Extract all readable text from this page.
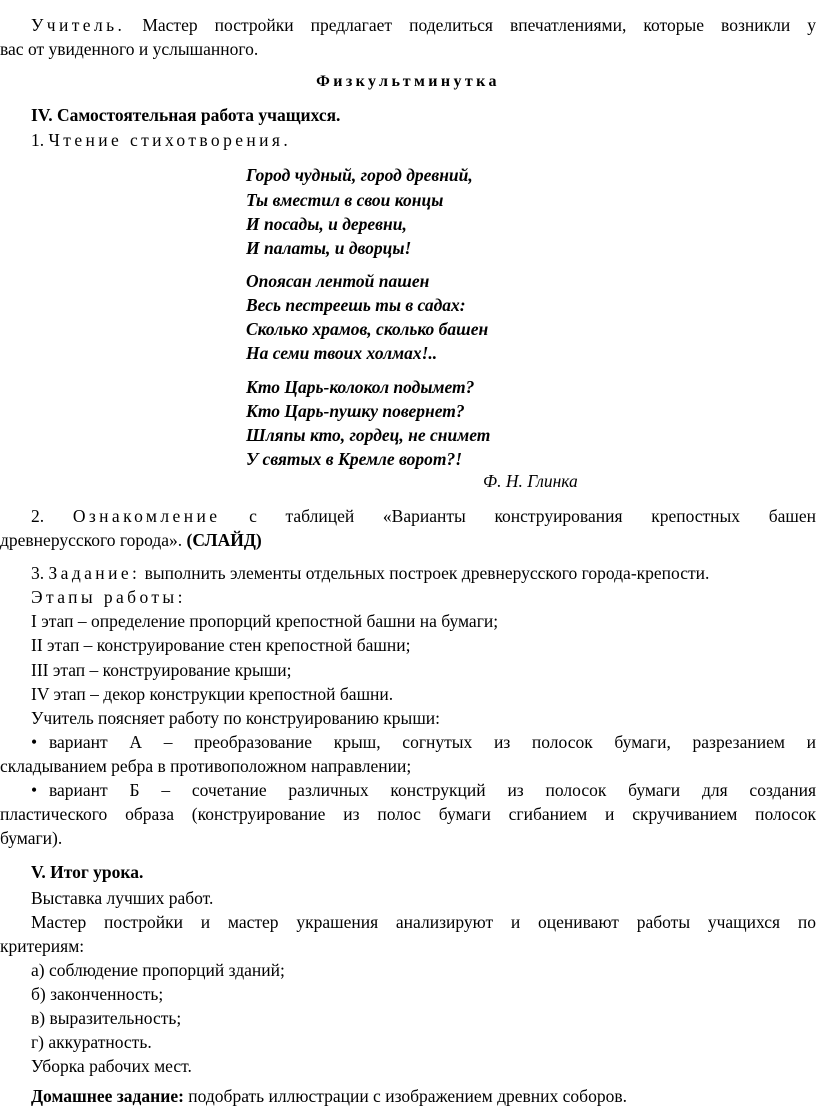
Учитель. Мастер постройки предлагает поделиться впечатлениями, которые возникли у
вас от увиденного и услышанного.
Физкультминутка
IV. Самостоятельная работа учащихся.
1. Чтение стихотворения.
Город чудный, город древний,
Ты вместил в свои концы
И посады, и деревни,
И палаты, и дворцы!
Опоясан лентой пашен
Весь пестреешь ты в садах:
Сколько храмов, сколько башен
На семи твоих холмах!..
Кто Царь-колокол подымет?
Кто Царь-пушку повернет?
Шляпы кто, гордец, не снимет
У святых в Кремле ворот?!
Ф. Н. Глинка
2. Ознакомление с таблицей «Варианты конструирования крепостных башен
древнерусского города». (СЛАЙД)
3. Задание: выполнить элементы отдельных построек древнерусского города-крепости.
Этапы работы:
I этап – определение пропорций крепостной башни на бумаги;
II этап – конструирование стен крепостной башни;
III этап – конструирование крыши;
IV этап – декор конструкции крепостной башни.
Учитель поясняет работу по конструированию крыши:
• вариант А – преобразование крыш, согнутых из полосок бумаги, разрезанием и
складыванием ребра в противоположном направлении;
• вариант Б – сочетание различных конструкций из полосок бумаги для создания
пластического образа (конструирование из полос бумаги сгибанием и скручиванием полосок
бумаги).
V. Итог урока.
Выставка лучших работ.
Мастер постройки и мастер украшения анализируют и оценивают работы учащихся по
критериям:
а) соблюдение пропорций зданий;
б) законченность;
в) выразительность;
г) аккуратность.
Уборка рабочих мест.
Домашнее задание: подобрать иллюстрации с изображением древних соборов.
